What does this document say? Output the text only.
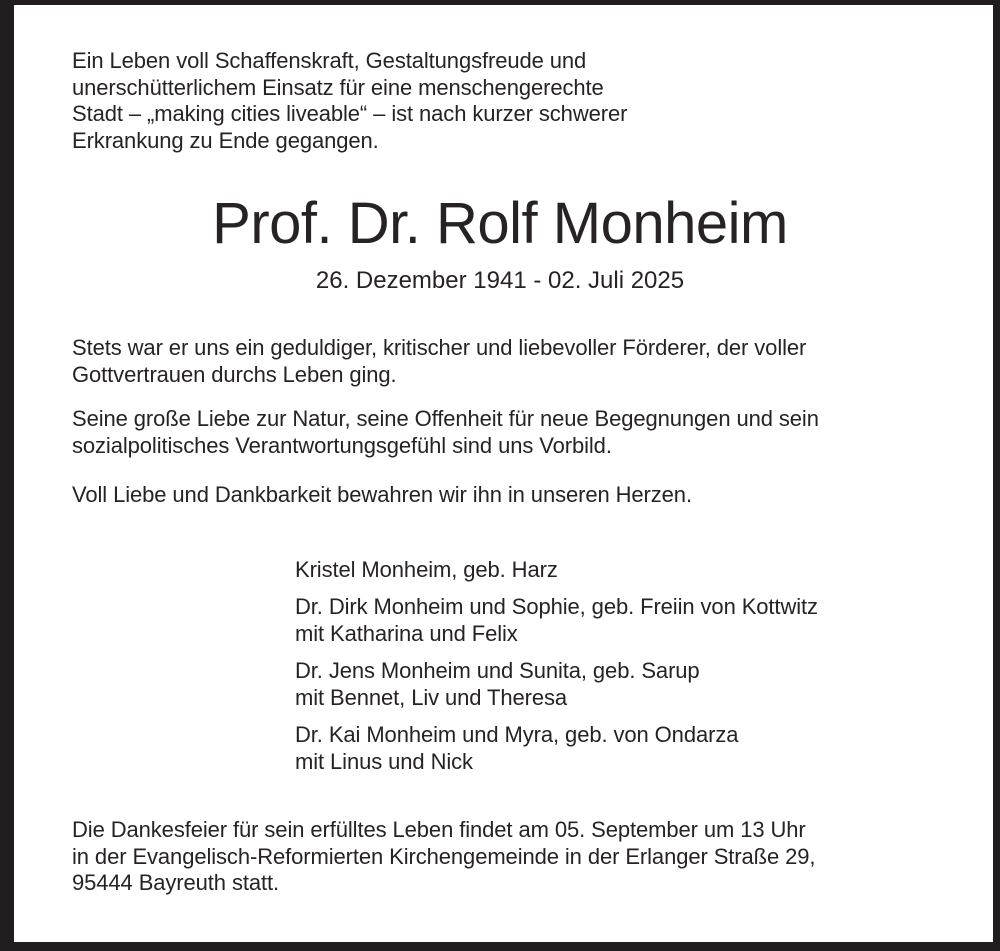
Ein Leben voll Schaffenskraft, Gestaltungsfreude und
unerschütterlichem Einsatz für eine menschengerechte
Stadt – „making cities liveable“ – ist nach kurzer schwerer
Erkrankung zu Ende gegangen.

Prof. Dr. Rolf Monheim
26. Dezember 1941 - 02. Juli 2025

Stets war er uns ein geduldiger, kritischer und liebevoller Förderer, der voller
Gottvertrauen durchs Leben ging.

Seine große Liebe zur Natur, seine Offenheit für neue Begegnungen und sein
sozialpolitisches Verantwortungsgefühl sind uns Vorbild.

Voll Liebe und Dankbarkeit bewahren wir ihn in unseren Herzen.

Kristel Monheim, geb. Harz

Dr. Dirk Monheim und Sophie, geb. Freiin von Kottwitz
mit Katharina und Felix

Dr. Jens Monheim und Sunita, geb. Sarup
mit Bennet, Liv und Theresa

Dr. Kai Monheim und Myra, geb. von Ondarza
mit Linus und Nick

Die Dankesfeier für sein erfülltes Leben findet am 05. September um 13 Uhr
in der Evangelisch-Reformierten Kirchengemeinde in der Erlanger Straße 29,
95444 Bayreuth statt.
